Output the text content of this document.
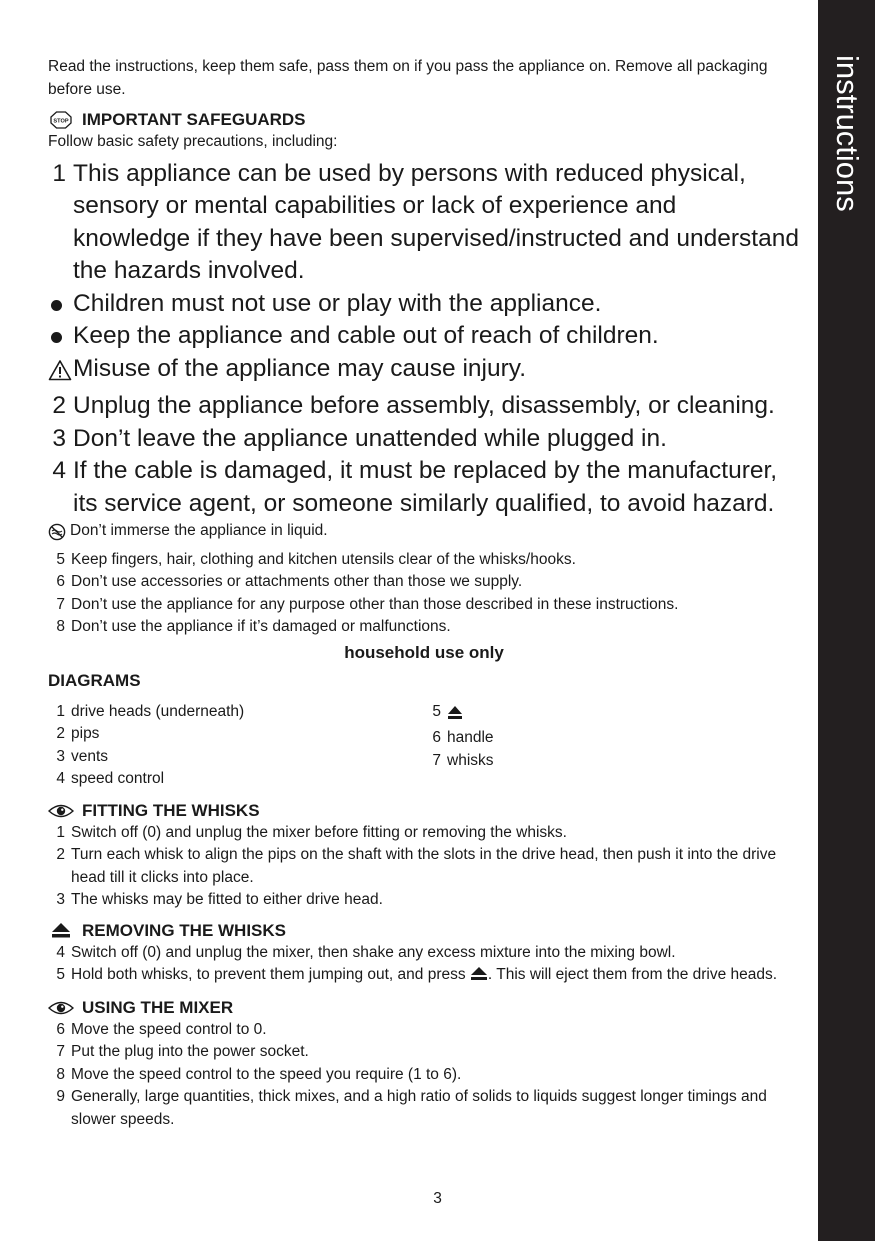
instructions

Read the instructions, keep them safe, pass them on if you pass the appliance on. Remove all packaging before use.

STOP IMPORTANT SAFEGUARDS
Follow basic safety precautions, including:
1 This appliance can be used by persons with reduced physical, sensory or mental capabilities or lack of experience and knowledge if they have been supervised/instructed and understand the hazards involved.
Children must not use or play with the appliance.
Keep the appliance and cable out of reach of children.
Misuse of the appliance may cause injury.
2 Unplug the appliance before assembly, disassembly, or cleaning.
3 Don’t leave the appliance unattended while plugged in.
4 If the cable is damaged, it must be replaced by the manufacturer, its service agent, or someone similarly qualified, to avoid hazard.
Don’t immerse the appliance in liquid.
5 Keep fingers, hair, clothing and kitchen utensils clear of the whisks/hooks.
6 Don’t use accessories or attachments other than those we supply.
7 Don’t use the appliance for any purpose other than those described in these instructions.
8 Don’t use the appliance if it’s damaged or malfunctions.
household use only
DIAGRAMS
1 drive heads (underneath)
2 pips
3 vents
4 speed control
5
6 handle
7 whisks
FITTING THE WHISKS
1 Switch off (0) and unplug the mixer before fitting or removing the whisks.
2 Turn each whisk to align the pips on the shaft with the slots in the drive head, then push it into the drive head till it clicks into place.
3 The whisks may be fitted to either drive head.
REMOVING THE WHISKS
4 Switch off (0) and unplug the mixer, then shake any excess mixture into the mixing bowl.
5 Hold both whisks, to prevent them jumping out, and press . This will eject them from the drive heads.
USING THE MIXER
6 Move the speed control to 0.
7 Put the plug into the power socket.
8 Move the speed control to the speed you require (1 to 6).
9 Generally, large quantities, thick mixes, and a high ratio of solids to liquids suggest longer timings and slower speeds.
3
